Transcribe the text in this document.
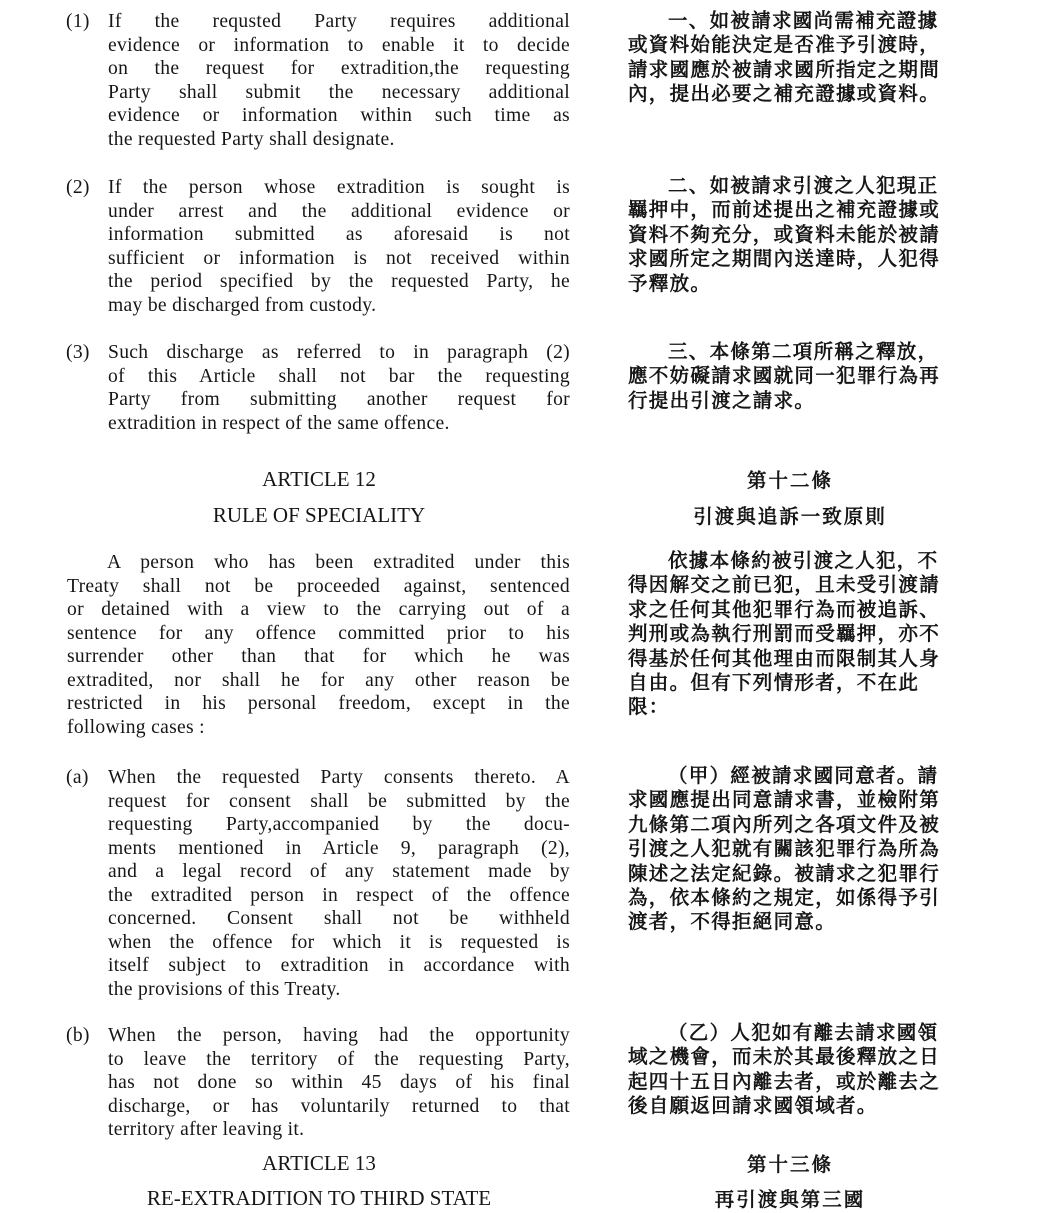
(1) If the requsted Party requires additional
evidence or information to enable it to decide
on the request for extradition,the requesting
Party shall submit the necessary additional
evidence or information within such time as
the requested Party shall designate.
(2) If the person whose extradition is sought is
under arrest and the additional evidence or
information submitted as aforesaid is not
sufficient or information is not received within
the period specified by the requested Party, he
may be discharged from custody.
(3) Such discharge as referred to in paragraph (2)
of this Article shall not bar the requesting
Party from submitting another request for
extradition in respect of the same offence.
ARTICLE 12
RULE OF SPECIALITY
A person who has been extradited under this
Treaty shall not be proceeded against, sentenced
or detained with a view to the carrying out of a
sentence for any offence committed prior to his
surrender other than that for which he was
extradited, nor shall he for any other reason be
restricted in his personal freedom, except in the
following cases :
(a) When the requested Party consents thereto. A
request for consent shall be submitted by the
requesting Party,accompanied by the docu-
ments mentioned in Article 9, paragraph (2),
and a legal record of any statement made by
the extradited person in respect of the offence
concerned. Consent shall not be withheld
when the offence for which it is requested is
itself subject to extradition in accordance with
the provisions of this Treaty.
(b) When the person, having had the opportunity
to leave the territory of the requesting Party,
has not done so within 45 days of his final
discharge, or has voluntarily returned to that
territory after leaving it.
ARTICLE 13
RE-EXTRADITION TO THIRD STATE
一、如被請求國尚需補充證據
或資料始能決定是否准予引渡時，
請求國應於被請求國所指定之期間
內，提出必要之補充證據或資料。
二、如被請求引渡之人犯現正
羈押中，而前述提出之補充證據或
資料不夠充分，或資料未能於被請
求國所定之期間內送達時，人犯得
予釋放。
三、本條第二項所稱之釋放，
應不妨礙請求國就同一犯罪行為再
行提出引渡之請求。
第十二條
引渡與追訴一致原則
依據本條約被引渡之人犯，不
得因解交之前已犯，且未受引渡請
求之任何其他犯罪行為而被追訴、
判刑或為執行刑罰而受羈押，亦不
得基於任何其他理由而限制其人身
自由。但有下列情形者，不在此
限：
（甲）經被請求國同意者。請
求國應提出同意請求書，並檢附第
九條第二項內所列之各項文件及被
引渡之人犯就有關該犯罪行為所為
陳述之法定紀錄。被請求之犯罪行
為，依本條約之規定，如係得予引
渡者，不得拒絕同意。
（乙）人犯如有離去請求國領
域之機會，而未於其最後釋放之日
起四十五日內離去者，或於離去之
後自願返回請求國領域者。
第十三條
再引渡與第三國
